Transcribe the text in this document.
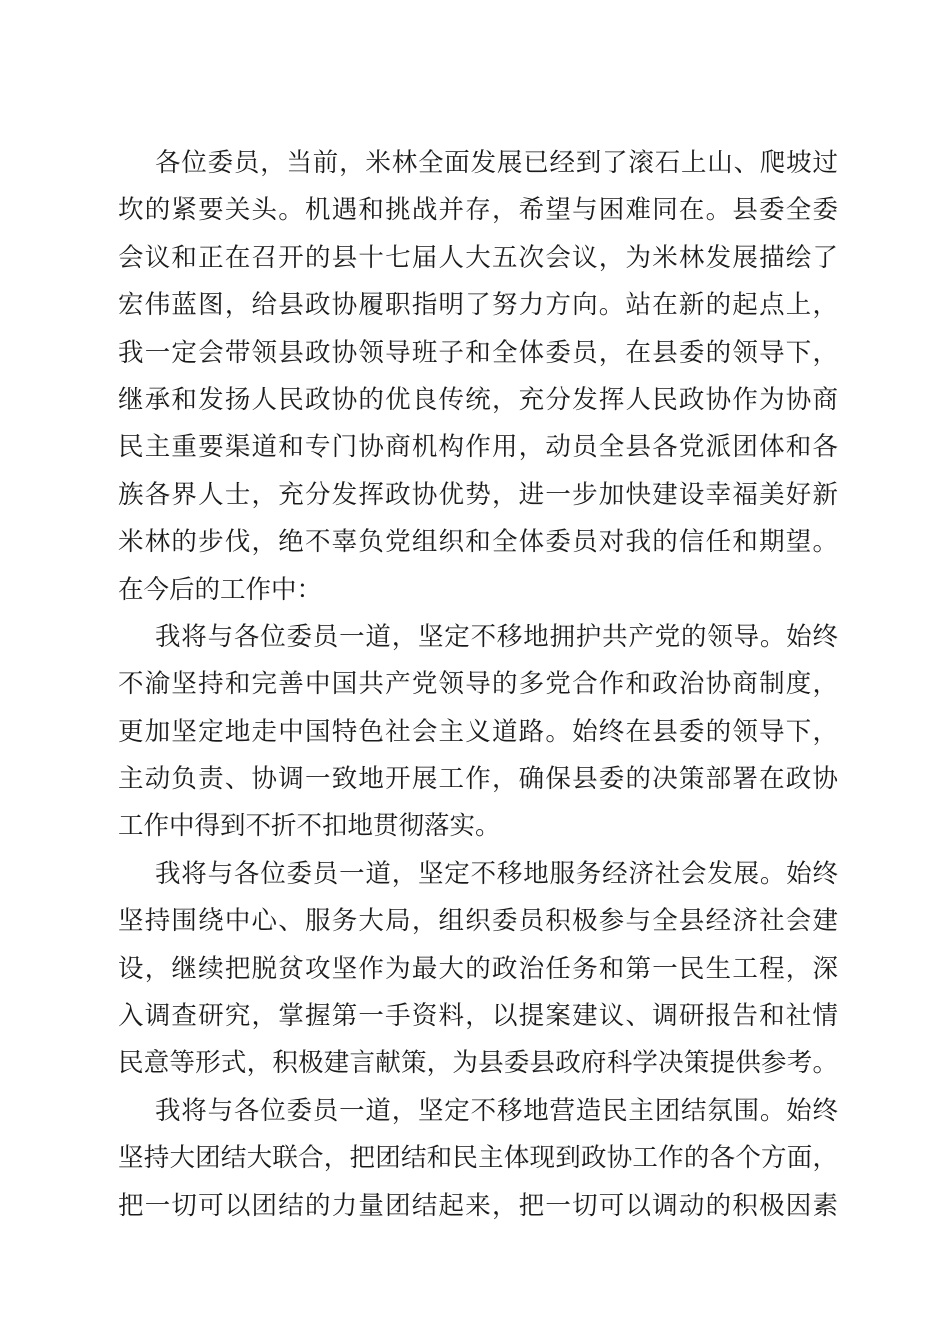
各位委员，当前，米林全面发展已经到了滚石上山、爬坡过
坎的紧要关头。机遇和挑战并存，希望与困难同在。县委全委
会议和正在召开的县十七届人大五次会议，为米林发展描绘了
宏伟蓝图，给县政协履职指明了努力方向。站在新的起点上，
我一定会带领县政协领导班子和全体委员，在县委的领导下，
继承和发扬人民政协的优良传统，充分发挥人民政协作为协商
民主重要渠道和专门协商机构作用，动员全县各党派团体和各
族各界人士，充分发挥政协优势，进一步加快建设幸福美好新
米林的步伐，绝不辜负党组织和全体委员对我的信任和期望。
在今后的工作中：
我将与各位委员一道，坚定不移地拥护共产党的领导。始终
不渝坚持和完善中国共产党领导的多党合作和政治协商制度，
更加坚定地走中国特色社会主义道路。始终在县委的领导下，
主动负责、协调一致地开展工作，确保县委的决策部署在政协
工作中得到不折不扣地贯彻落实。
我将与各位委员一道，坚定不移地服务经济社会发展。始终
坚持围绕中心、服务大局，组织委员积极参与全县经济社会建
设，继续把脱贫攻坚作为最大的政治任务和第一民生工程，深
入调查研究，掌握第一手资料，以提案建议、调研报告和社情
民意等形式，积极建言献策，为县委县政府科学决策提供参考。
我将与各位委员一道，坚定不移地营造民主团结氛围。始终
坚持大团结大联合，把团结和民主体现到政协工作的各个方面，
把一切可以团结的力量团结起来，把一切可以调动的积极因素
